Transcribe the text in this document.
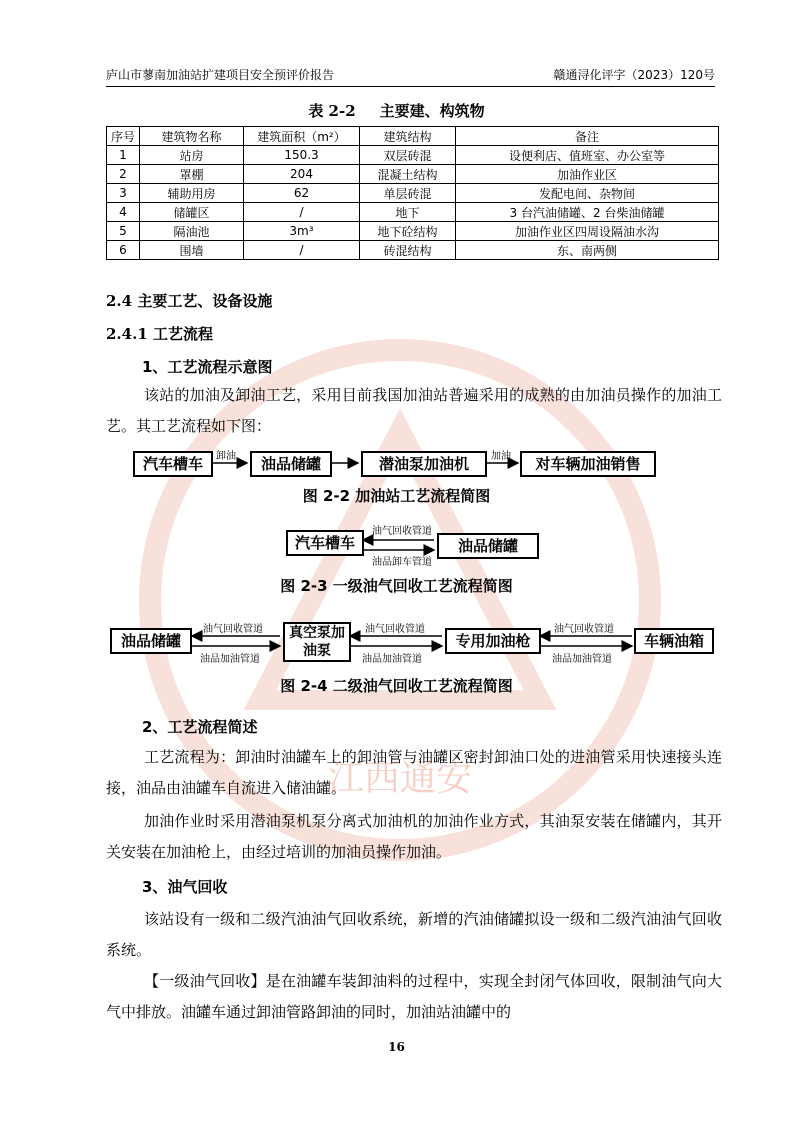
江西通安
庐山市蓼南加油站扩建项目安全预评价报告	赣通浔化评字（2023）120号
表 2-2 主要建、构筑物
序号	建筑物名称	建筑面积（m²）	建筑结构	备注
1	站房	150.3	双层砖混	设便利店、值班室、办公室等
2	罩棚	204	混凝土结构	加油作业区
3	辅助用房	62	单层砖混	发配电间、杂物间
4	储罐区	/	地下	3 台汽油储罐、2 台柴油储罐
5	隔油池	3m³	地下砼结构	加油作业区四周设隔油水沟
6	围墙	/	砖混结构	东、南两侧
2.4 主要工艺、设备设施
2.4.1 工艺流程
1、工艺流程示意图
该站的加油及卸油工艺，采用目前我国加油站普遍采用的成熟的由加油员操作的加油工艺。其工艺流程如下图：
汽车槽车	油品储罐	潜油泵加油机	对车辆加油销售
卸油	加油
图 2-2 加油站工艺流程简图
汽车槽车	油品储罐
油气回收管道
油品卸车管道
图 2-3 一级油气回收工艺流程简图
油品储罐	真空泵加油泵
专用加油枪	车辆油箱
油气回收管道
油品加油管道
油气回收管道
油品加油管道
油气回收管道
油品加油管道
图 2-4 二级油气回收工艺流程简图
2、工艺流程简述
工艺流程为：卸油时油罐车上的卸油管与油罐区密封卸油口处的进油管采用快速接头连接，油品由油罐车自流进入储油罐。
加油作业时采用潜油泵机泵分离式加油机的加油作业方式，其油泵安装在储罐内，其开关安装在加油枪上，由经过培训的加油员操作加油。
3、油气回收
该站设有一级和二级汽油油气回收系统，新增的汽油储罐拟设一级和二级汽油油气回收系统。
【一级油气回收】是在油罐车装卸油料的过程中，实现全封闭气体回收，限制油气向大气中排放。油罐车通过卸油管路卸油的同时，加油站油罐中的
16
